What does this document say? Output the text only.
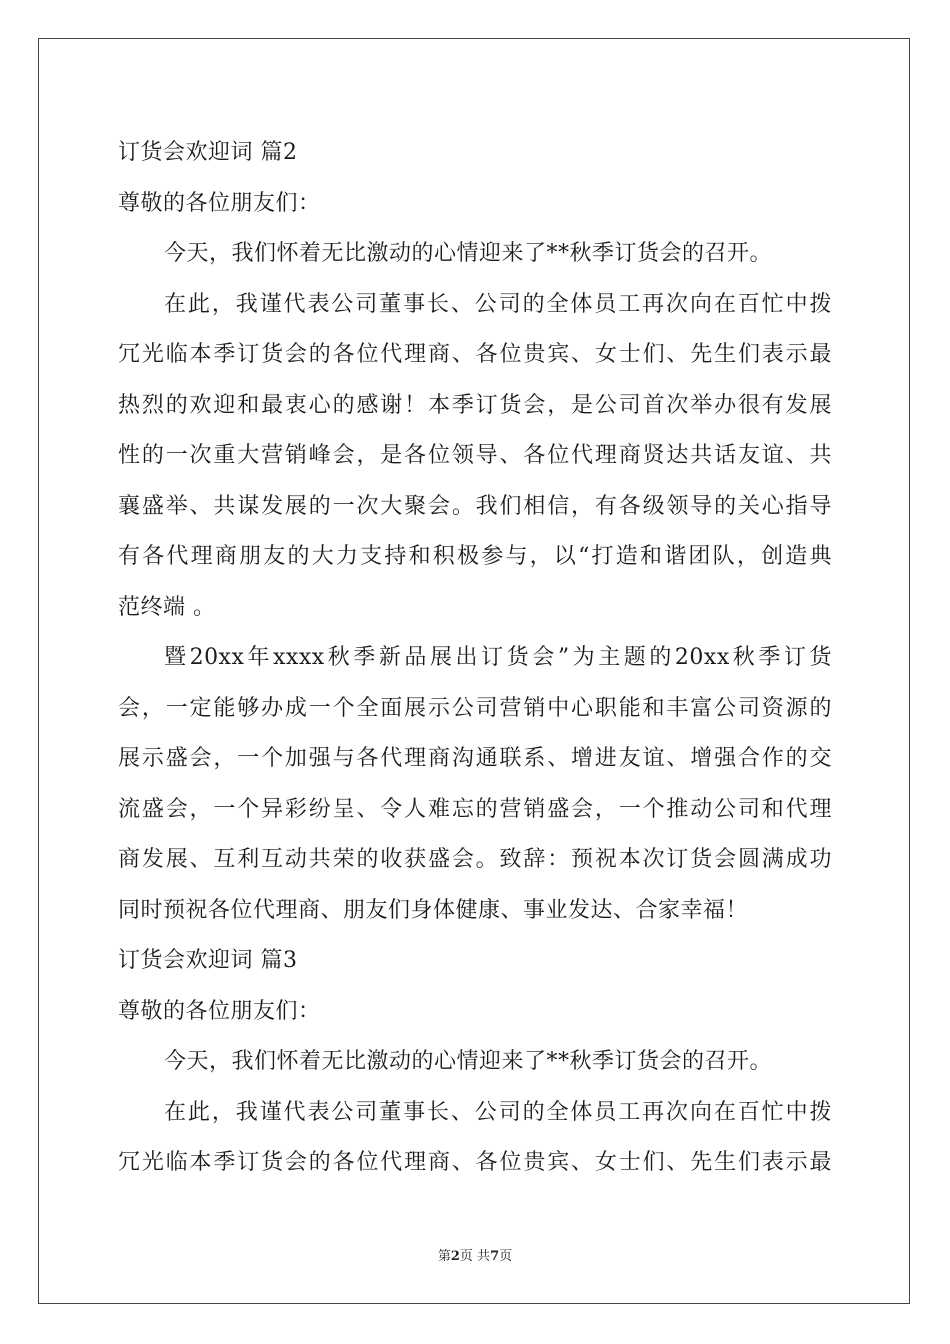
订货会欢迎词 篇2
尊敬的各位朋友们：
今天，我们怀着无比激动的心情迎来了**秋季订货会的召开。
在此，我谨代表公司董事长、公司的全体员工再次向在百忙中拨
冗光临本季订货会的各位代理商、各位贵宾、女士们、先生们表示最
热烈的欢迎和最衷心的感谢！本季订货会，是公司首次举办很有发展
性的一次重大营销峰会，是各位领导、各位代理商贤达共话友谊、共
襄盛举、共谋发展的一次大聚会。我们相信，有各级领导的关心指导
有各代理商朋友的大力支持和积极参与，以“打造和谐团队，创造典
范终端 。
暨20xx年xxxx秋季新品展出订货会”为主题的20xx秋季订货
会，一定能够办成一个全面展示公司营销中心职能和丰富公司资源的
展示盛会，一个加强与各代理商沟通联系、增进友谊、增强合作的交
流盛会，一个异彩纷呈、令人难忘的营销盛会，一个推动公司和代理
商发展、互利互动共荣的收获盛会。致辞：预祝本次订货会圆满成功
同时预祝各位代理商、朋友们身体健康、事业发达、合家幸福！
订货会欢迎词 篇3
尊敬的各位朋友们：
今天，我们怀着无比激动的心情迎来了**秋季订货会的召开。
在此，我谨代表公司董事长、公司的全体员工再次向在百忙中拨
冗光临本季订货会的各位代理商、各位贵宾、女士们、先生们表示最
第2页 共7页
